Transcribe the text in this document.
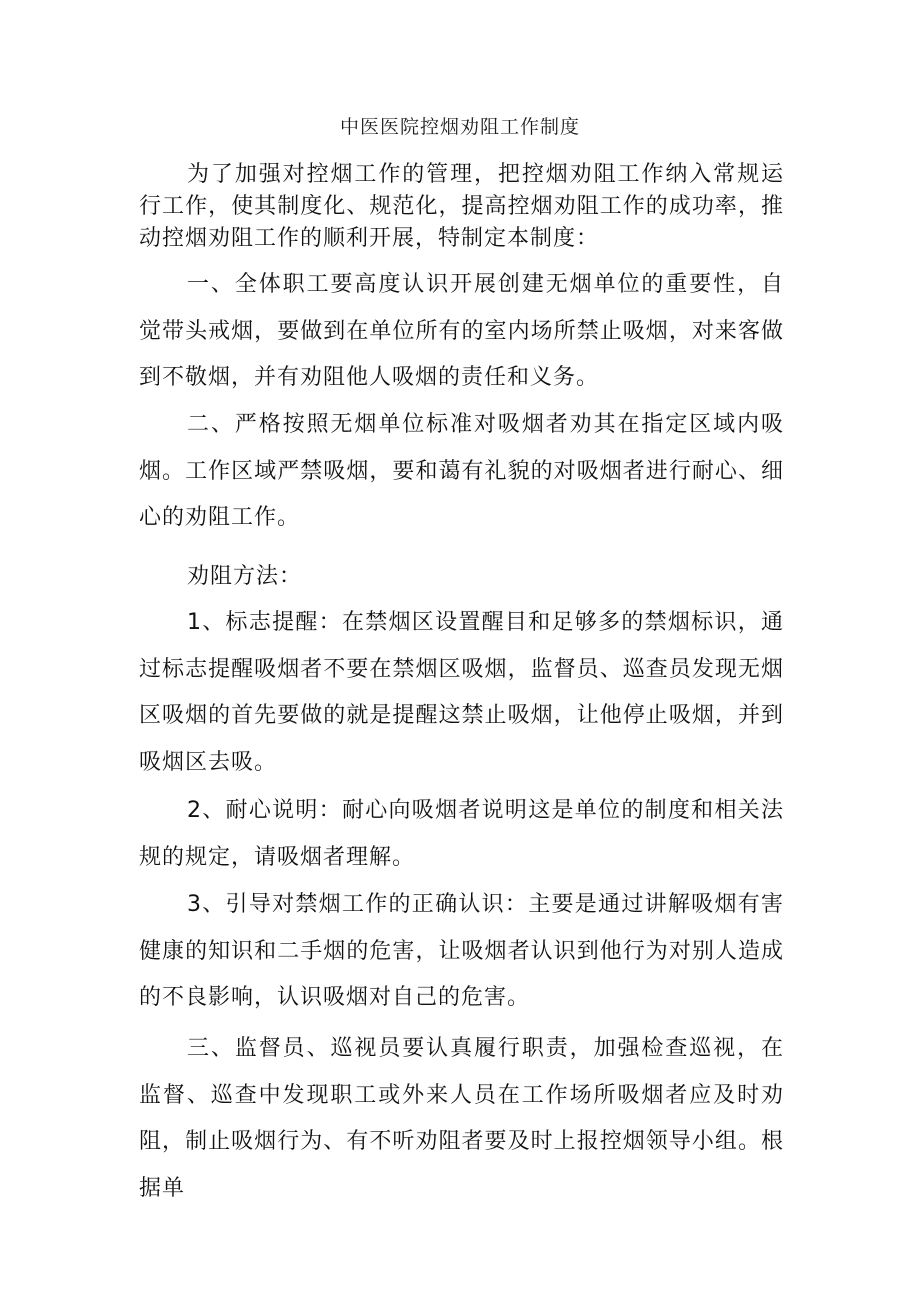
中医医院控烟劝阻工作制度
为了加强对控烟工作的管理，把控烟劝阻工作纳入常规运行工作，使其制度化、规范化，提高控烟劝阻工作的成功率，推动控烟劝阻工作的顺利开展，特制定本制度：
一、全体职工要高度认识开展创建无烟单位的重要性，自觉带头戒烟，要做到在单位所有的室内场所禁止吸烟，对来客做到不敬烟，并有劝阻他人吸烟的责任和义务。
二、严格按照无烟单位标准对吸烟者劝其在指定区域内吸烟。工作区域严禁吸烟，要和蔼有礼貌的对吸烟者进行耐心、细心的劝阻工作。
劝阻方法：
1、标志提醒：在禁烟区设置醒目和足够多的禁烟标识，通过标志提醒吸烟者不要在禁烟区吸烟，监督员、巡查员发现无烟区吸烟的首先要做的就是提醒这禁止吸烟，让他停止吸烟，并到吸烟区去吸。
2、耐心说明：耐心向吸烟者说明这是单位的制度和相关法规的规定，请吸烟者理解。
3、引导对禁烟工作的正确认识：主要是通过讲解吸烟有害健康的知识和二手烟的危害，让吸烟者认识到他行为对别人造成的不良影响，认识吸烟对自己的危害。
三、监督员、巡视员要认真履行职责，加强检查巡视，在监督、巡查中发现职工或外来人员在工作场所吸烟者应及时劝阻，制止吸烟行为、有不听劝阻者要及时上报控烟领导小组。根据单
